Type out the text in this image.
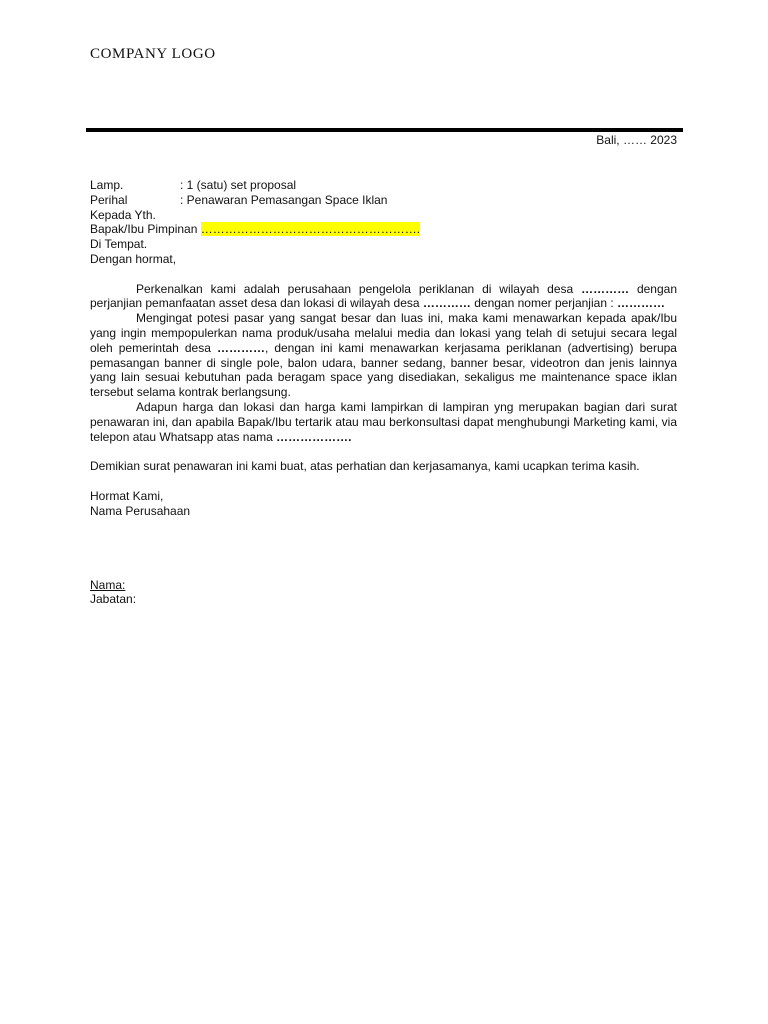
COMPANY LOGO
Bali, …… 2023
Lamp.	: 1 (satu) set proposal
Perihal	: Penawaran Pemasangan Space Iklan
Kepada Yth.
Bapak/Ibu Pimpinan ……………………………………………….
Di Tempat.
Dengan hormat,
Perkenalkan kami adalah perusahaan pengelola periklanan di wilayah desa ………… dengan perjanjian pemanfaatan asset desa dan lokasi di wilayah desa ………… dengan nomer perjanjian : …………
Mengingat potesi pasar yang sangat besar dan luas ini, maka kami menawarkan kepada apak/Ibu yang ingin mempopulerkan nama produk/usaha melalui media dan lokasi yang telah di setujui secara legal oleh pemerintah desa …………, dengan ini kami menawarkan kerjasama periklanan (advertising) berupa pemasangan banner di single pole, balon udara, banner sedang, banner besar, videotron dan jenis lainnya yang lain sesuai kebutuhan pada beragam space yang disediakan, sekaligus me maintenance space iklan tersebut selama kontrak berlangsung.
Adapun harga dan lokasi dan harga kami lampirkan di lampiran yng merupakan bagian dari surat penawaran ini, dan apabila Bapak/Ibu tertarik atau mau berkonsultasi dapat menghubungi Marketing kami, via telepon atau Whatsapp atas nama ……………….
Demikian surat penawaran ini kami buat, atas perhatian dan kerjasamanya, kami ucapkan terima kasih.
Hormat Kami,
Nama Perusahaan
Nama:
Jabatan:
